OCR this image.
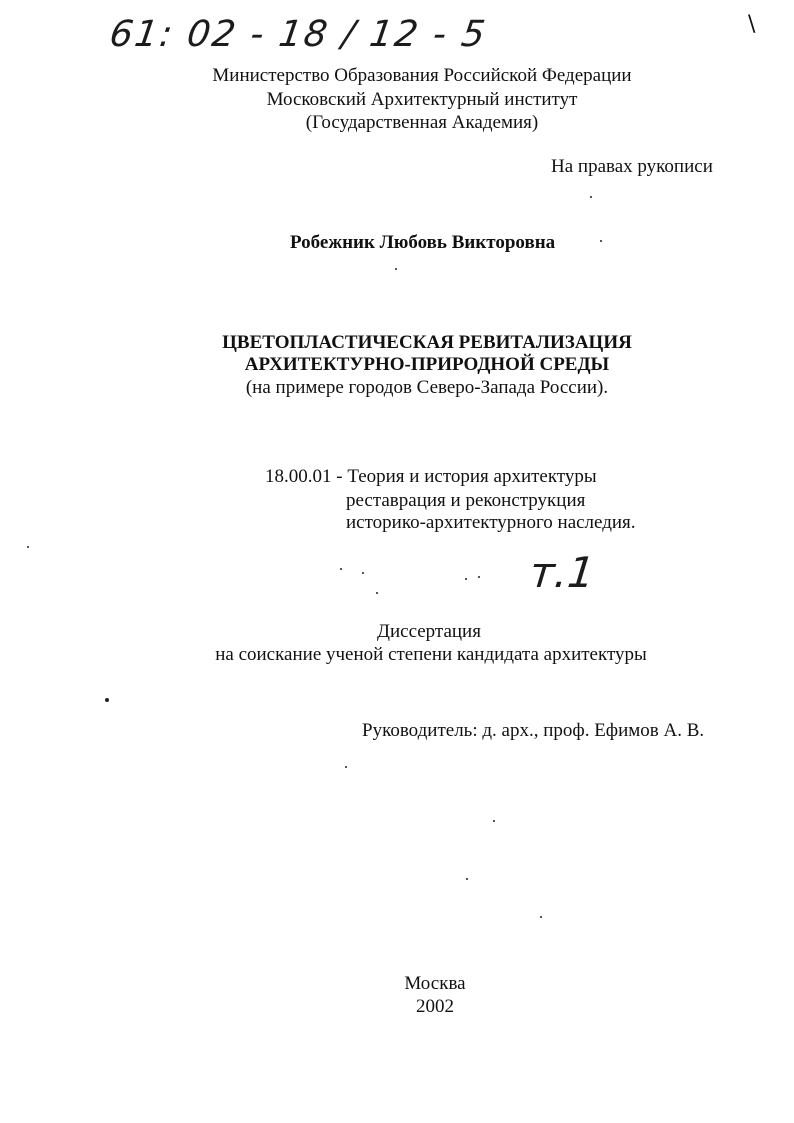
61: 02 - 18 / 12 - 5	\
Министерство Образования Российской Федерации
Московский Архитектурный институт
(Государственная Академия)
На правах рукописи
Робежник Любовь Викторовна
ЦВЕТОПЛАСТИЧЕСКАЯ РЕВИТАЛИЗАЦИЯ
АРХИТЕКТУРНО-ПРИРОДНОЙ СРЕДЫ
(на примере городов Северо-Запада России).
18.00.01 - Теория и история архитектуры
реставрация и реконструкция
историко-архитектурного наследия.
т.1
Диссертация
на соискание ученой степени кандидата архитектуры
Руководитель: д. арх., проф. Ефимов А. В.
Москва
2002
